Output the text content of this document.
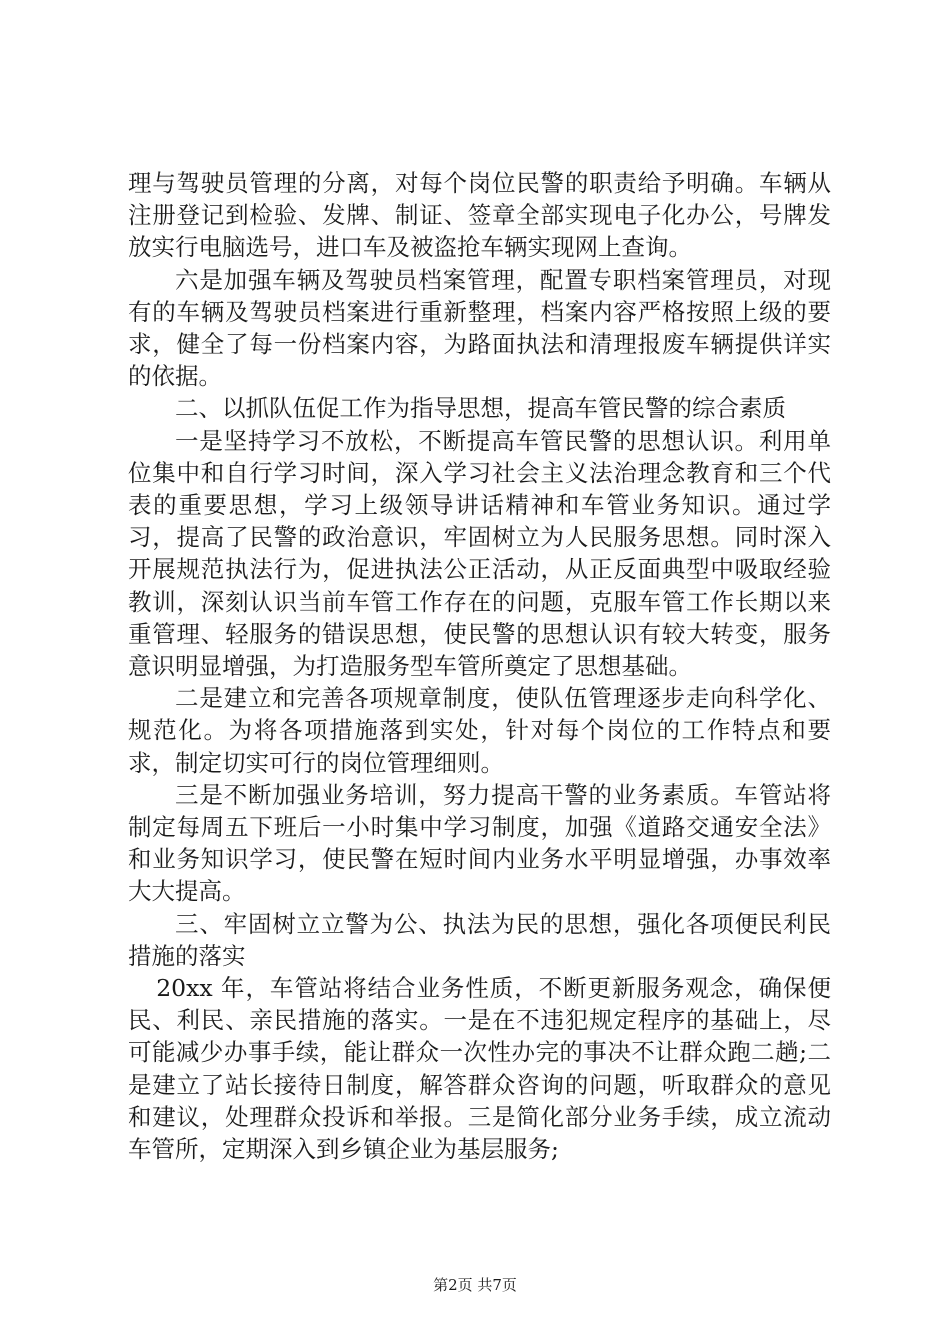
理与驾驶员管理的分离，对每个岗位民警的职责给予明确。车辆从注册登记到检验、发牌、制证、签章全部实现电子化办公，号牌发放实行电脑选号，进口车及被盗抢车辆实现网上查询。

六是加强车辆及驾驶员档案管理，配置专职档案管理员，对现有的车辆及驾驶员档案进行重新整理，档案内容严格按照上级的要求，健全了每一份档案内容，为路面执法和清理报废车辆提供详实的依据。

二、以抓队伍促工作为指导思想，提高车管民警的综合素质

一是坚持学习不放松，不断提高车管民警的思想认识。利用单位集中和自行学习时间，深入学习社会主义法治理念教育和三个代表的重要思想，学习上级领导讲话精神和车管业务知识。通过学习，提高了民警的政治意识，牢固树立为人民服务思想。同时深入开展规范执法行为，促进执法公正活动，从正反面典型中吸取经验教训，深刻认识当前车管工作存在的问题，克服车管工作长期以来重管理、轻服务的错误思想，使民警的思想认识有较大转变，服务意识明显增强，为打造服务型车管所奠定了思想基础。

二是建立和完善各项规章制度，使队伍管理逐步走向科学化、规范化。为将各项措施落到实处，针对每个岗位的工作特点和要求，制定切实可行的岗位管理细则。

三是不断加强业务培训，努力提高干警的业务素质。车管站将制定每周五下班后一小时集中学习制度，加强《道路交通安全法》和业务知识学习，使民警在短时间内业务水平明显增强，办事效率大大提高。

三、牢固树立立警为公、执法为民的思想，强化各项便民利民措施的落实

20xx 年，车管站将结合业务性质，不断更新服务观念，确保便民、利民、亲民措施的落实。一是在不违犯规定程序的基础上，尽可能减少办事手续，能让群众一次性办完的事决不让群众跑二趟;二是建立了站长接待日制度，解答群众咨询的问题，听取群众的意见和建议，处理群众投诉和举报。三是简化部分业务手续，成立流动车管所，定期深入到乡镇企业为基层服务;

第2页 共7页
